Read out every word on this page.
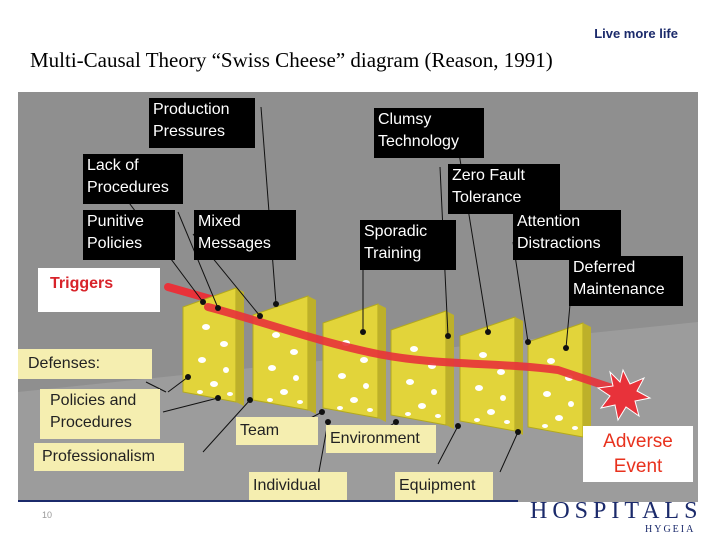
Live more life
Multi-Causal Theory “Swiss Cheese” diagram (Reason, 1991)
Production
Pressures
Clumsy
Technology
Lack of
Procedures
Zero Fault
Tolerance
Punitive
Policies
Mixed
Messages
Sporadic
Training
Attention
Distractions
Deferred
Maintenance
Triggers
Defenses:
Policies and
Procedures
Professionalism
Team	Environment
Individual	Equipment
Adverse
Event
10	HOSPITALS
HYGEIA
